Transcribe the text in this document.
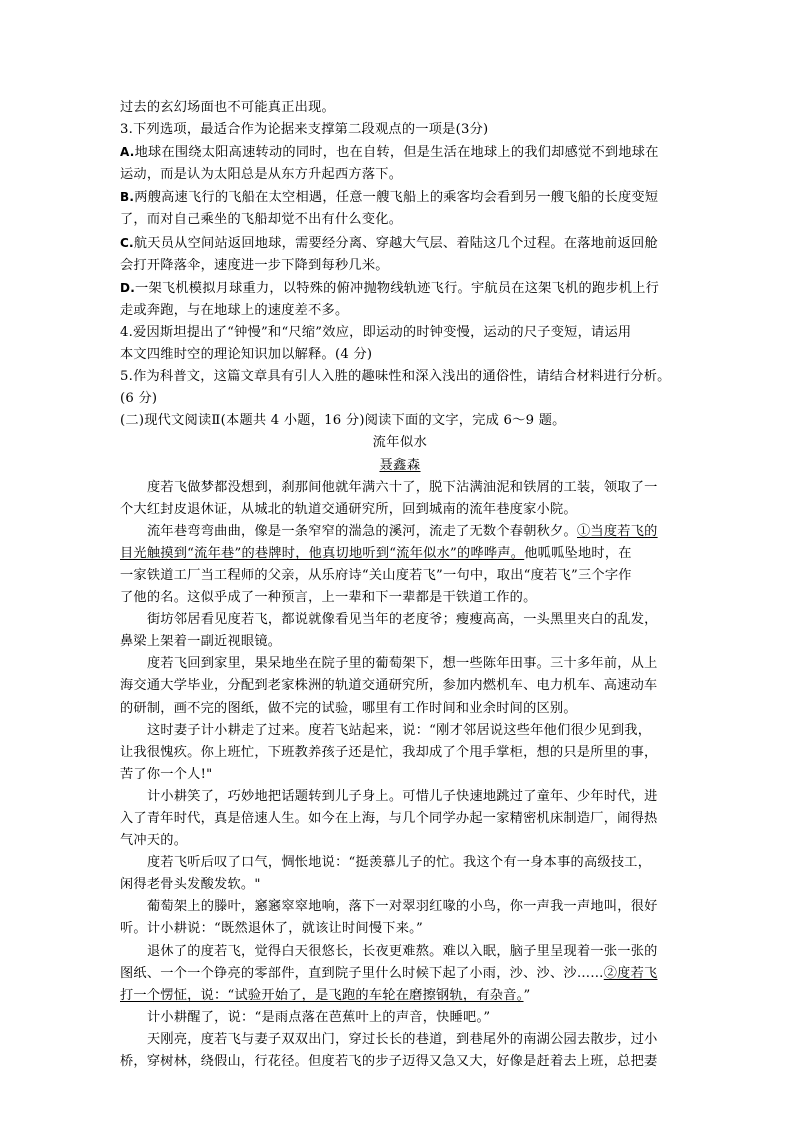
过去的玄幻场面也不可能真正出现。
3.下列选项，最适合作为论据来支撑第二段观点的一项是(3分)
A.地球在围绕太阳高速转动的同时，也在自转，但是生活在地球上的我们却感觉不到地球在
运动，而是认为太阳总是从东方升起西方落下。
B.两艘高速飞行的飞船在太空相遇，任意一艘飞船上的乘客均会看到另一艘飞船的长度变短
了，而对自己乘坐的飞船却觉不出有什么变化。
C.航天员从空间站返回地球，需要经分离、穿越大气层、着陆这几个过程。在落地前返回舱
会打开降落伞，速度进一步下降到每秒几米。
D.一架飞机模拟月球重力，以特殊的俯冲抛物线轨迹飞行。宇航员在这架飞机的跑步机上行
走或奔跑，与在地球上的速度差不多。
4.爱因斯坦提出了“钟慢”和“尺缩”效应，即运动的时钟变慢，运动的尺子变短，请运用
本文四维时空的理论知识加以解释。(4 分)
5.作为科普文，这篇文章具有引人入胜的趣味性和深入浅出的通俗性，请结合材料进行分析。
(6 分)
(二)现代文阅读Ⅱ(本题共 4 小题，16 分)阅读下面的文字，完成 6～9 题。
流年似水
聂鑫森
度若飞做梦都没想到，刹那间他就年满六十了，脱下沾满油泥和铁屑的工装，领取了一
个大红封皮退休证，从城北的轨道交通研究所，回到城南的流年巷度家小院。
流年巷弯弯曲曲，像是一条窄窄的湍急的溪河，流走了无数个春朝秋夕。①当度若飞的
目光触摸到“流年巷”的巷牌时，他真切地听到“流年似水”的哗哗声。他呱呱坠地时，在
一家铁道工厂当工程师的父亲，从乐府诗“关山度若飞”一句中，取出“度若飞”三个字作
了他的名。这似乎成了一种预言，上一辈和下一辈都是干铁道工作的。
街坊邻居看见度若飞，都说就像看见当年的老度爷；瘦瘦高高，一头黑里夹白的乱发，
鼻梁上架着一副近视眼镜。
度若飞回到家里，果呆地坐在院子里的葡萄架下，想一些陈年田事。三十多年前，从上
海交通大学毕业，分配到老家株洲的轨道交通研究所，参加内燃机车、电力机车、高速动车
的研制，画不完的图纸，做不完的试验，哪里有工作时间和业余时间的区别。
这时妻子计小耕走了过来。度若飞站起来，说：“刚才邻居说这些年他们很少见到我，
让我很愧疚。你上班忙，下班教养孩子还是忙，我却成了个甩手掌柜，想的只是所里的事，
苦了你一个人!"
计小耕笑了，巧妙地把话题转到儿子身上。可惜儿子快速地跳过了童年、少年时代，进
入了青年时代，真是倍速人生。如今在上海，与几个同学办起一家精密机床制造厂，闹得热
气冲天的。
度若飞听后叹了口气，惆怅地说：“挺羡慕儿子的忙。我这个有一身本事的高级技工，
闲得老骨头发酸发软。"
葡萄架上的滕叶，窸窸窣窣地响，落下一对翠羽红喙的小鸟，你一声我一声地叫，很好
听。计小耕说：“既然退休了，就该让时间慢下来。”
退休了的度若飞，觉得白天很悠长，长夜更难熬。难以入眠，脑子里呈现着一张一张的
图纸、一个一个铮亮的零部件，直到院子里什么时候下起了小雨，沙、沙、沙……②度若飞
打一个愣怔，说：“试验开始了，是飞跑的车轮在磨擦钢轨，有杂音。”
计小耕醒了，说：“是雨点落在芭蕉叶上的声音，快睡吧。”
天刚亮，度若飞与妻子双双出门，穿过长长的巷道，到巷尾外的南湖公园去散步，过小
桥，穿树林，绕假山，行花径。但度若飞的步子迈得又急又大，好像是赶着去上班，总把妻
